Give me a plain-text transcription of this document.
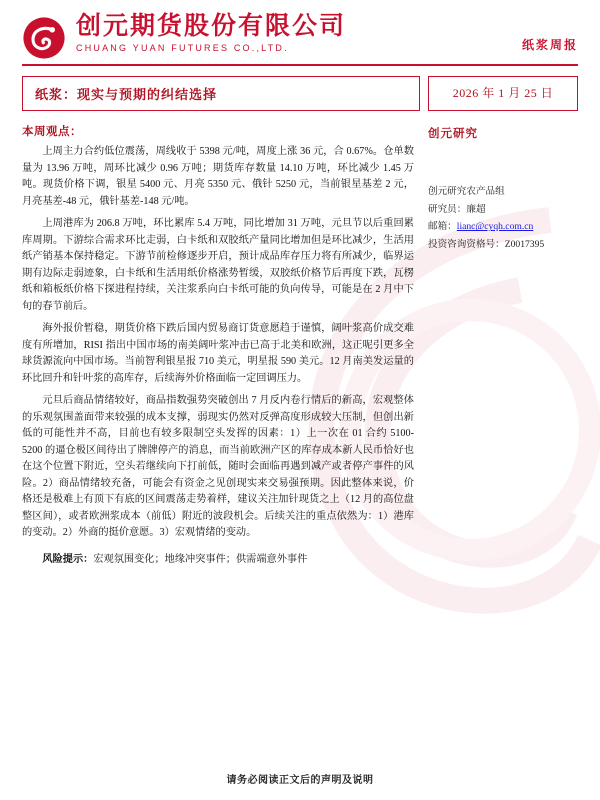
创元期货股份有限公司
CHUANG YUAN FUTURES CO.,LTD.	纸浆周报
纸浆：现实与预期的纠结选择	2026 年 1 月 25 日
本周观点：

上周主力合约低位震荡，周线收于 5398 元/吨，周度上涨 36 元，合 0.67%。仓单数量为 13.96 万吨，周环比减少 0.96 万吨；期货库存数量 14.10 万吨，环比减少 1.45 万吨。现货价格下调，银星 5400 元、月亮 5350 元、俄针 5250 元，当前银星基差 2 元，月亮基差-48 元，俄针基差-148 元/吨。

上周港库为 206.8 万吨，环比累库 5.4 万吨，同比增加 31 万吨，元旦节以后重回累库周期。下游综合需求环比走弱，白卡纸和双胶纸产量同比增加但是环比减少，生活用纸产销基本保持稳定。下游节前检修逐步开启，预计成品库存压力将有所减少，临界运期有边际走弱迹象，白卡纸和生活用纸价格涨势暂缓，双胶纸价格节后再度下跌，瓦楞纸和箱板纸价格下探进程持续，关注浆系向白卡纸可能的负向传导，可能是在 2 月中下旬的春节前后。

海外报价暂稳，期货价格下跌后国内贸易商订货意愿趋于谨慎，阔叶浆高价成交难度有所增加，RISI 指出中国市场的南美阔叶浆冲击已高于北美和欧洲，这正呢引更多全球货源流向中国市场。当前智利银星报 710 美元，明星报 590 美元。12 月南美发运量的环比回升和针叶浆的高库存，后续海外价格面临一定回调压力。

元旦后商品情绪较好，商品指数强势突破创出 7 月反内卷行情后的新高，宏观整体的乐观氛围盖面带来较强的成本支撑，弱现实仍然对反弹高度形成较大压制，但创出新低的可能性并不高，目前也有较多限制空头发挥的因素：1）上一次在 01 合约 5100-5200 的逼仓极区间待出了牌牌停产的消息，而当前欧洲产区的库存成本新人民币恰好也在这个位置下附近，空头若继续向下打前低，随时会面临再遇到减产或者停产事件的风险。2）商品情绪较充备，可能会有资金之见创现实来交易强预期。因此整体来说，价格还是极难上有顶下有底的区间震荡走势着样，建议关注加针现货之上（12 月的高位盘整区间），或者欧洲浆成本（前低）附近的波段机会。后续关注的重点依然为：1）港库的变动。2）外商的挺价意愿。3）宏观情绪的变动。

风险提示：宏观氛围变化；地缘冲突事件；供需端意外事件

创元研究
创元研究农产品组
研究员：廉超
邮箱：lianc@cyqh.com.cn
投资咨询资格号：Z0017395
请务必阅读正文后的声明及说明
